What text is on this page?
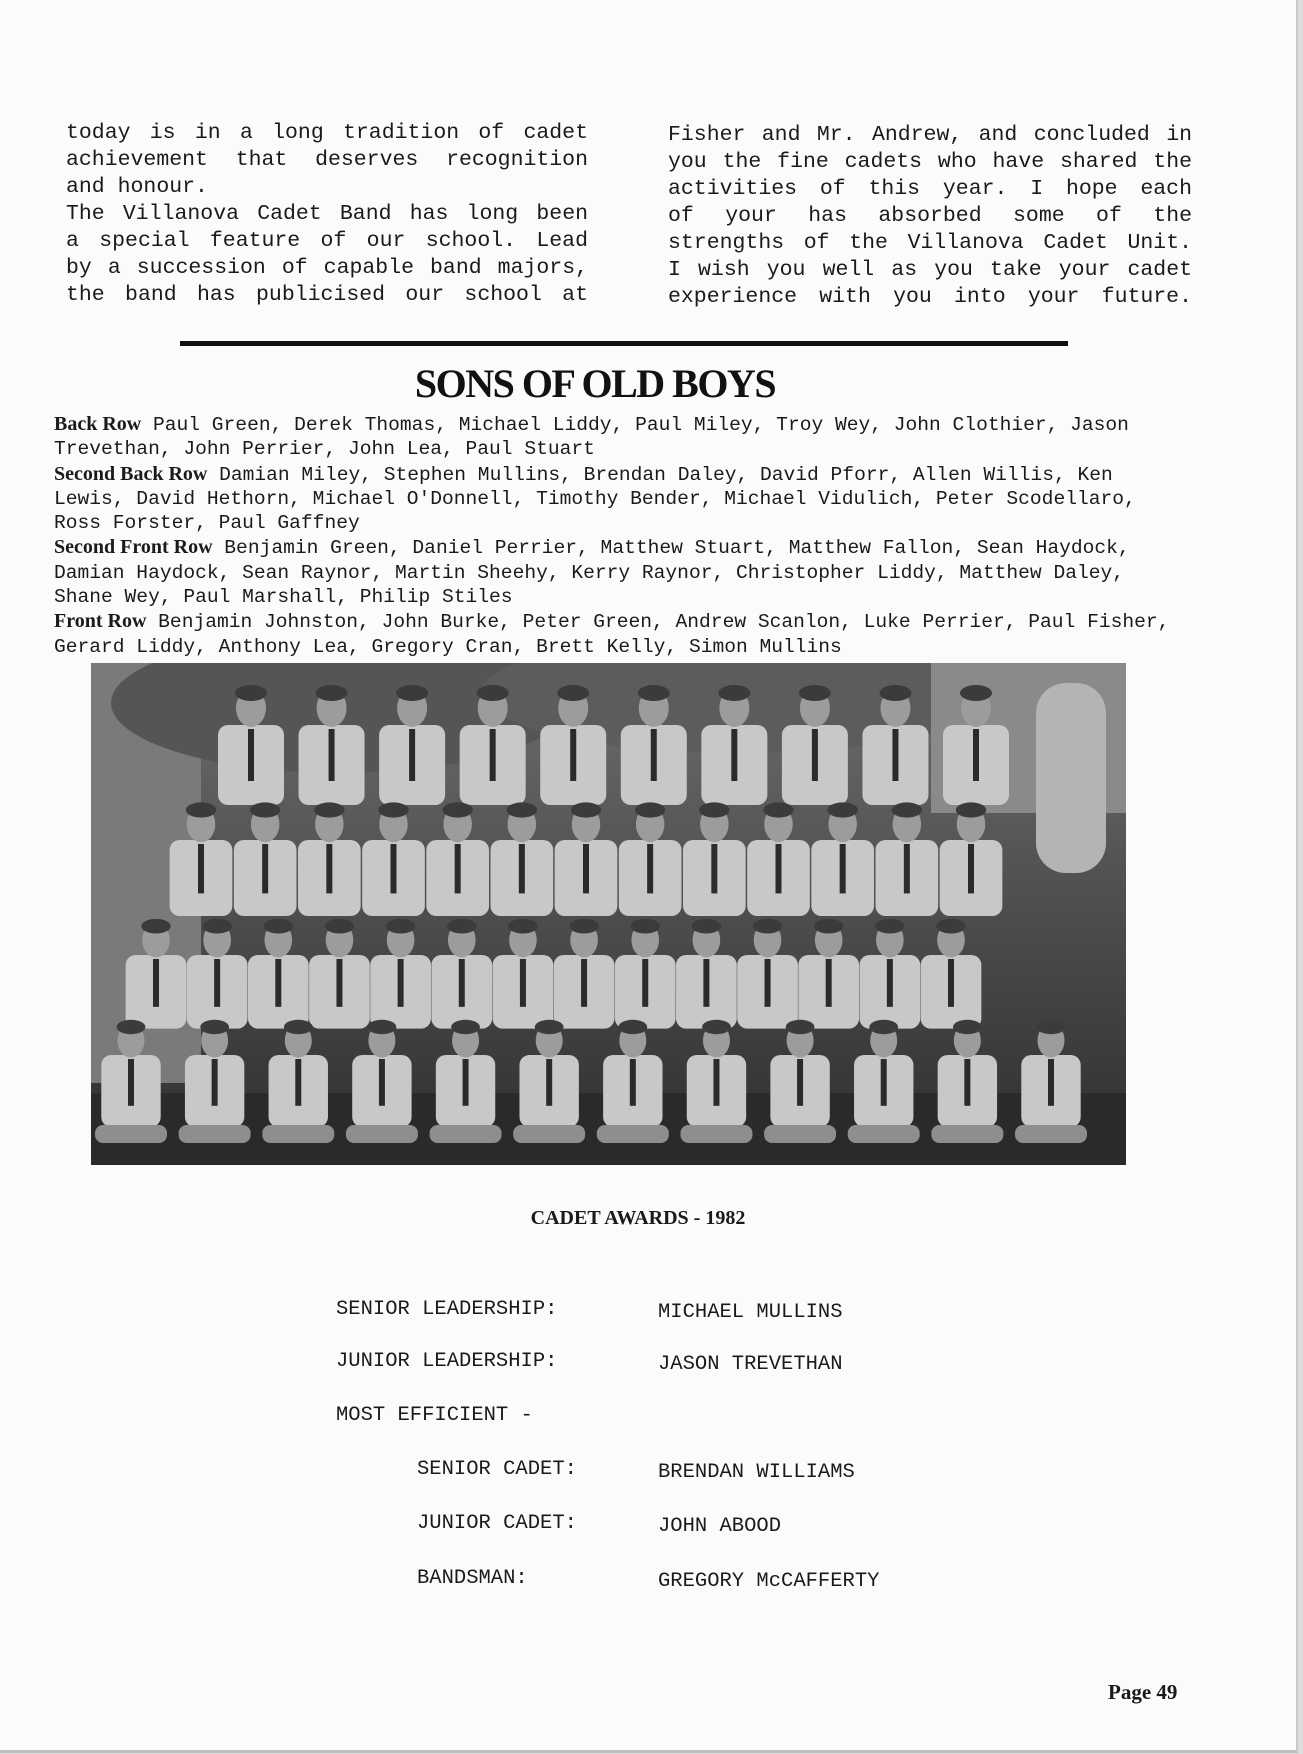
today is in a long tradition of cadet
achievement that deserves recognition
and honour.
The Villanova Cadet Band has long been
a special feature of our school. Lead
by a succession of capable band majors,
the band has publicised our school at
Fisher and Mr. Andrew, and concluded in
you the fine cadets who have shared the
activities of this year. I hope each
of your has absorbed some of the
strengths of the Villanova Cadet Unit.
I wish you well as you take your cadet
experience with you into your future.
SONS OF OLD BOYS
Back Row Paul Green, Derek Thomas, Michael Liddy, Paul Miley, Troy Wey, John Clothier, Jason Trevethan, John Perrier, John Lea, Paul Stuart
Second Back Row Damian Miley, Stephen Mullins, Brendan Daley, David Pforr, Allen Willis, Ken Lewis, David Hethorn, Michael O'Donnell, Timothy Bender, Michael Vidulich, Peter Scodellaro, Ross Forster, Paul Gaffney
Second Front Row Benjamin Green, Daniel Perrier, Matthew Stuart, Matthew Fallon, Sean Haydock, Damian Haydock, Sean Raynor, Martin Sheehy, Kerry Raynor, Christopher Liddy, Matthew Daley, Shane Wey, Paul Marshall, Philip Stiles
Front Row Benjamin Johnston, John Burke, Peter Green, Andrew Scanlon, Luke Perrier, Paul Fisher, Gerard Liddy, Anthony Lea, Gregory Cran, Brett Kelly, Simon Mullins
CADET AWARDS - 1982
SENIOR LEADERSHIP:	MICHAEL MULLINS
JUNIOR LEADERSHIP:	JASON TREVETHAN
MOST EFFICIENT -
SENIOR CADET:	BRENDAN WILLIAMS
JUNIOR CADET:	JOHN ABOOD
BANDSMAN:	GREGORY McCAFFERTY
Page 49
